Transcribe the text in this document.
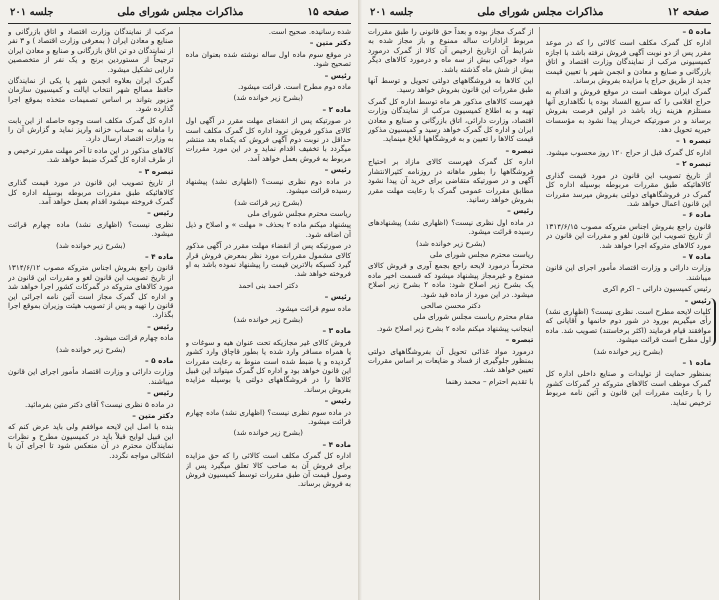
صفحه ۱۵
مذاکرات مجلس شورای ملی
جلسه ۲۰۱

شده رسانیده. صحیح است.

دکتر متین –

در موقع سوم ماده اول ساله نوشته شده بعنوان ماده تصحیح شود.

رئیس –

ماده دوم مطرح است. قرائت میشود.

(بشرح زیر خوانده شد)

ماده ۲ –

در صورتیکه پس از انقضای مهلت مقرر در آگهی اول کالای مذکور فروش نرود اداره کل گمرک مکلف است حداقل در نوبت دوم آگهی فروش که یکماه بعد منتشر میگردد با تخفیف اقدام نماید و در این مورد مقررات مربوط به فروش بعمل خواهد آمد.

رئیس –

در ماده دوم نظری نیست؟ (اظهاری نشد) پیشنهاد رسیده قرائت میشود.

(بشرح زیر قرائت شد)

ریاست محترم مجلس شورای ملی

پیشنهاد میکنم ماده ۲ بحذف « مهلت » و اصلاح و ذیل آن اضافه شود.

در صورتیکه پس از انقضاء مهلت مقرر در آگهی مذکور کالای مشمول مقررات مورد نظر بمعرض فروش قرار گیرد کسیکه بالاترین قیمت را پیشنهاد نموده باشد به او فروخته خواهد شد.

دکتر احمد بنی احمد

رئیس –

ماده سوم قرائت میشود.

(بشرح زیر خوانده شد)

ماده ۳ –

فروش کالای غیر مجازیکه تحت عنوان هیه و سوغات و یا همراه مسافر وارد شده یا بطور قاچاق وارد کشور گردیده و یا ضبط شده است منوط به رعایت مقررات این قانون خواهد بود و اداره کل گمرک میتواند این قبیل کالاها را در فروشگاههای دولتی یا بوسیله مزایده بفروش برساند.

رئیس –

در ماده سوم نظری نیست؟ (اظهاری نشد) ماده چهارم قرائت میشود.

(بشرح زیر خوانده شد)

ماده ۴ –

اداره کل گمرک مکلف است کالائی را که حق مزایده برای فروش آن به صاحب کالا تعلق میگیرد پس از وصول قیمت آن طبق مقررات توسط کمیسیون فروش به فروش برساند.

مرکب از نمایندگان وزارت اقتصاد و اتاق بازرگانی و صنایع و معادن ایران ( بمعرفی وزارت اقتصاد ) و ۳ نفر از نمایندگان دو تن اتاق بازرگانی و صنایع و معادن ایران ترجیحاً از مستوردین برنج و یک نفر از متخصصین دارایی تشکیل میشود.

گمرک ایران بعلاوه انجمن شهر یا یکی از نمایندگان حافظ مصالح شهر انتخاب ایالت و کمیسیون سازمان مزبور بتواند بر اساس تصمیمات متخذه بموقع اجرا گذارده شود.

اداره کل گمرک مکلف است وجوه حاصله از این بابت را ماهانه به حساب خزانه واریز نماید و گزارش آن را به وزارت اقتصاد ارسال دارد.

کالاهای مذکور در این ماده تا آخر مهلت مقرر ترخیص و از طرف اداره کل گمرک ضبط خواهد شد.

تبصره ۳ –

از تاریخ تصویب این قانون در مورد قیمت گذاری کالاهائیکه طبق مقررات مربوطه بوسیله اداره کل گمرک فروخته میشود اقدام بعمل خواهد آمد.

رئیس –

نظری نیست؟ (اظهاری نشد) ماده چهارم قرائت میشود.

(بشرح زیر خوانده شد)

ماده ۴ –

قانون راجع بفروش اجناس متروکه مصوب ۱۳۱۴/۶/۱۲ از تاریخ تصویب این قانون لغو و مقررات این قانون در مورد کالاهای متروکه در گمرکات کشور اجرا خواهد شد و اداره کل گمرک مجاز است آئین نامه اجرائی این قانون را تهیه و پس از تصویب هیئت وزیران بموقع اجرا بگذارد.

رئیس –

ماده چهارم قرائت میشود.

(بشرح زیر خوانده شد)

ماده ۵ –

وزارت دارائی و وزارت اقتصاد مأمور اجرای این قانون میباشند.

رئیس –

در ماده ۵ نظری نیست؟ آقای دکتر متین بفرمائید.

دکتر متین –

بنده با اصل این لایحه موافقم ولی باید عرض کنم که این قبیل لوایح قبلاً باید در کمیسیون مطرح و نظرات نمایندگان محترم در آن منعکس شود تا اجرای آن با اشکالی مواجه نگردد.

صفحه ۱۲
مذاکرات مجلس شورای ملی
جلسه ۲۰۱

ماده ۵ –

اداره کل گمرک مکلف است کالائی را که در موعد مقرر پس از دو نوبت آگهی فروش نرفته باشد با اجازه کمیسیونی مرکب از نمایندگان وزارت اقتصاد و اتاق بازرگانی و صنایع و معادن و انجمن شهر با تعیین قیمت جدید از طریق حراج یا مزایده بفروش برساند.

گمرک ایران موظف است در موقع فروش و اقدام به حراج اقلامی را که سریع الفساد بوده یا نگاهداری آنها مستلزم هزینه زیاد باشد در اولین فرصت بفروش برساند و در صورتیکه خریدار پیدا نشود به مؤسسات خیریه تحویل دهد.

تبصره ۱ –

اداره کل گمرک قبل از حراج ۱۲۰ روز محسوب میشود.

تبصره ۲ –

از تاریخ تصویب این قانون در مورد قیمت گذاری کالاهائیکه طبق مقررات مربوطه بوسیله اداره کل گمرک در فروشگاههای دولتی بفروش میرسد مقررات این قانون اعمال خواهد شد.

ماده ۶ –

قانون راجع بفروش اجناس متروکه مصوب ۱۳۱۴/۶/۱۵ از تاریخ تصویب این قانون لغو و مقررات این قانون در مورد کالاهای متروکه اجرا خواهد شد.

ماده ۷ –

وزارت دارائی و وزارت اقتصاد مأمور اجرای این قانون میباشند.

رئیس کمیسیون دارائی – اکرم اکری

رئیس –

کلیات لایحه مطرح است. نظری نیست؟ (اظهاری نشد) رأی میگیریم بورود در شور دوم خانمها و آقایانی که موافقند قیام فرمایند (اکثر برخاستند) تصویب شد. ماده اول مطرح است قرائت میشود.

(بشرح زیر خوانده شد)

ماده ۱ –

بمنظور حمایت از تولیدات و صنایع داخلی اداره کل گمرک موظف است کالاهای متروکه در گمرکات کشور را با رعایت مقررات این قانون و آئین نامه مربوط ترخیص نماید.

از گمرک مجاز بوده و بعداً حق قانونی را طبق مقررات مربوط ازادارات ساله ممنوع و باز مجاز شده به شرایط آن ازتاریخ ارخیص آن کالا از گمرک درمورد مواد خوراکی بیش از سه ماه و درمورد کالاهای دیگر بیش از شش ماه گذشته باشد.

این کالاها به فروشگاههای دولتی تحویل و توسط آنها طبق مقررات این قانون بفروش خواهد رسید.

فهرست کالاهای مذکور هر ماه توسط اداره کل گمرک تهیه و به اطلاع کمیسیون مرکب از نمایندگان وزارت اقتصاد، وزارت دارائی، اتاق بازرگانی و صنایع و معادن ایران و اداره کل گمرک خواهد رسید و کمیسیون مذکور قیمت کالاها را تعیین و به فروشگاهها ابلاغ مینماید.

تبصره –

اداره کل گمرک فهرست کالای مازاد بر احتیاج فروشگاهها را بطور ماهانه در روزنامه کثیرالانتشار آگهی و در صورتیکه متقاضی برای خرید آن پیدا نشود مطابق مقررات عمومی گمرک با رعایت مهلت مقرر بفروش خواهد رسانید.

رئیس –

در ماده اول نظری نیست؟ (اظهاری نشد) پیشنهادهای رسیده قرائت میشود.

(بشرح زیر خوانده شد)

ریاست محترم مجلس شورای ملی

محترماً درمورد لایحه راجع بجمع آوری و فروش کالای ممنوع و غیرمجاز پیشنهاد میشود که قسمت اخیر ماده یک بشرح زیر اصلاح شود: ماده ۲ بشرح زیر اصلاح میشود. در این مورد از ماده قید شود.

دکتر محسن صالحی

مقام محترم ریاست مجلس شورای ملی

اینجانب پیشنهاد میکنم ماده ۲ بشرح زیر اصلاح شود.

تبصره –

درمورد مواد غذائی تحویل آن بفروشگاههای دولتی بمنظور جلوگیری از فساد و ضایعات بر اساس مقررات تعیین خواهد شد.

با تقدیم احترام – محمد رهنما
